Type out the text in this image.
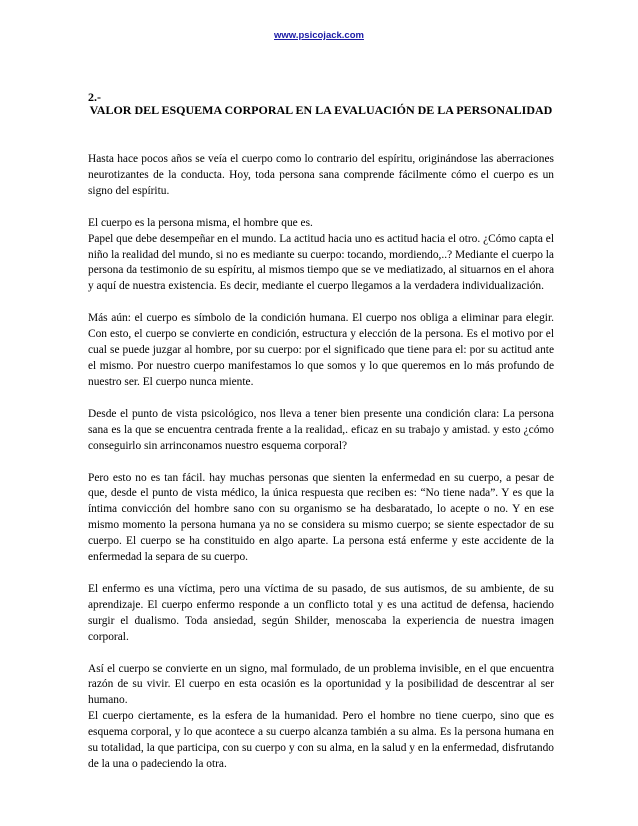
www.psicojack.com
2.-
VALOR DEL ESQUEMA CORPORAL EN LA EVALUACIÓN DE LA PERSONALIDAD

Hasta hace pocos años se veía el cuerpo como lo contrario del espíritu, originándose las aberraciones neurotizantes de la conducta. Hoy, toda persona sana comprende fácilmente cómo el cuerpo es un signo del espíritu.

El cuerpo es la persona misma, el hombre que es.

Papel que debe desempeñar en el mundo. La actitud hacia uno es actitud hacia el otro. ¿Cómo capta el niño la realidad del mundo, si no es mediante su cuerpo: tocando, mordiendo,..? Mediante el cuerpo la persona da testimonio de su espíritu, al mismos tiempo que se ve mediatizado, al situarnos en el ahora y aquí de nuestra existencia. Es decir, mediante el cuerpo llegamos a la verdadera individualización.

Más aún: el cuerpo es símbolo de la condición humana. El cuerpo nos obliga a eliminar para elegir. Con esto, el cuerpo se convierte en condición, estructura y elección de la persona. Es el motivo por el cual se puede juzgar al hombre, por su cuerpo: por el significado que tiene para el: por su actitud ante el mismo. Por nuestro cuerpo manifestamos lo que somos y lo que queremos en lo más profundo de nuestro ser. El cuerpo nunca miente.

Desde el punto de vista psicológico, nos lleva a tener bien presente una condición clara: La persona sana es la que se encuentra centrada frente a la realidad,. eficaz en su trabajo y amistad. y esto ¿cómo conseguirlo sin arrinconamos nuestro esquema corporal?

Pero esto no es tan fácil. hay muchas personas que sienten la enfermedad en su cuerpo, a pesar de que, desde el punto de vista médico, la única respuesta que reciben es: “No tiene nada”. Y es que la íntima convicción del hombre sano con su organismo se ha desbaratado, lo acepte o no. Y en ese mismo momento la persona humana ya no se considera su mismo cuerpo; se siente espectador de su cuerpo. El cuerpo se ha constituido en algo aparte. La persona está enferme y este accidente de la enfermedad la separa de su cuerpo.

El enfermo es una víctima, pero una víctima de su pasado, de sus autismos, de su ambiente, de su aprendizaje. El cuerpo enfermo responde a un conflicto total y es una actitud de defensa, haciendo surgir el dualismo. Toda ansiedad, según Shilder, menoscaba la experiencia de nuestra imagen corporal.

Así el cuerpo se convierte en un signo, mal formulado, de un problema invisible, en el que encuentra razón de su vivir. El cuerpo en esta ocasión es la oportunidad y la posibilidad de descentrar al ser humano.

El cuerpo ciertamente, es la esfera de la humanidad. Pero el hombre no tiene cuerpo, sino que es esquema corporal, y lo que acontece a su cuerpo alcanza también a su alma. Es la persona humana en su totalidad, la que participa, con su cuerpo y con su alma, en la salud y en la enfermedad, disfrutando de la una o padeciendo la otra.
